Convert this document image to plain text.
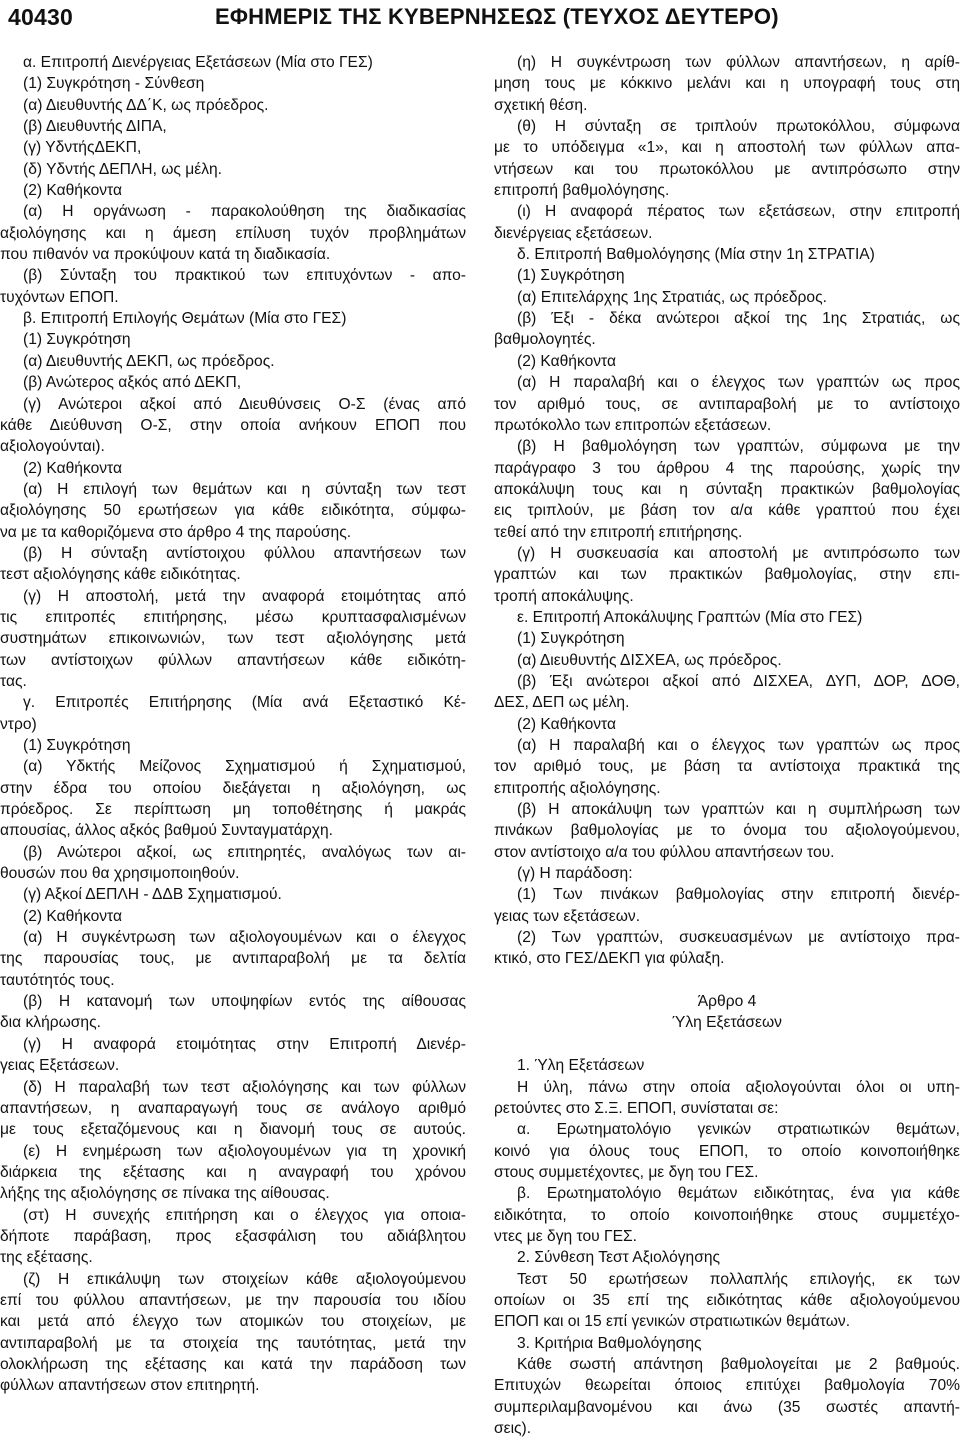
40430	ΕΦΗΜΕΡΙΣ ΤΗΣ ΚΥΒΕΡΝΗΣΕΩΣ (ΤΕΥΧΟΣ ΔΕΥΤΕΡΟ)
α. Επιτροπή Διενέργειας Εξετάσεων (Μία στο ΓΕΣ)
(1) Συγκρότηση - Σύνθεση
(α) Διευθυντής ΔΔ΄Κ, ως πρόεδρος.
(β) Διευθυντής ΔΙΠΑ,
(γ) ΥδντήςΔΕΚΠ,
(δ) Υδντής ΔΕΠΛΗ, ως μέλη.
(2) Καθήκοντα
(α) Η οργάνωση - παρακολούθηση της διαδικασίας
αξιολόγησης και η άμεση επίλυση τυχόν προβλημάτων
που πιθανόν να προκύψουν κατά τη διαδικασία.
(β) Σύνταξη του πρακτικού των επιτυχόντων - απο-
τυχόντων ΕΠΟΠ.
β. Επιτροπή Επιλογής Θεμάτων (Μία στο ΓΕΣ)
(1) Συγκρότηση
(α) Διευθυντής ΔΕΚΠ, ως πρόεδρος.
(β) Ανώτερος αξκός από ΔΕΚΠ,
(γ) Ανώτεροι αξκοί από Διευθύνσεις Ο-Σ (ένας από
κάθε Διεύθυνση Ο-Σ, στην οποία ανήκουν ΕΠΟΠ που
αξιολογούνται).
(2) Καθήκοντα
(α) Η επιλογή των θεμάτων και η σύνταξη των τεστ
αξιολόγησης 50 ερωτήσεων για κάθε ειδικότητα, σύμφω-
να με τα καθοριζόμενα στο άρθρο 4 της παρούσης.
(β) Η σύνταξη αντίστοιχου φύλλου απαντήσεων των
τεστ αξιολόγησης κάθε ειδικότητας.
(γ) Η αποστολή, μετά την αναφορά ετοιμότητας από
τις επιτροπές επιτήρησης, μέσω κρυπτασφαλισμένων
συστημάτων επικοινωνιών, των τεστ αξιολόγησης μετά
των αντίστοιχων φύλλων απαντήσεων κάθε ειδικότη-
τας.
γ. Επιτροπές Επιτήρησης (Μία ανά Εξεταστικό Κέ-
ντρο)
(1) Συγκρότηση
(α) Υδκτής Μείζονος Σχηματισμού ή Σχηματισμού,
στην έδρα του οποίου διεξάγεται η αξιολόγηση, ως
πρόεδρος. Σε περίπτωση μη τοποθέτησης ή μακράς
απουσίας, άλλος αξκός βαθμού Συνταγματάρχη.
(β) Ανώτεροι αξκοί, ως επιτηρητές, αναλόγως των αι-
θουσών που θα χρησιμοποιηθούν.
(γ) Αξκοί ΔΕΠΛΗ - ΔΔΒ Σχηματισμού.
(2) Καθήκοντα
(α) Η συγκέντρωση των αξιολογουμένων και ο έλεγχος
της παρουσίας τους, με αντιπαραβολή με τα δελτία
ταυτότητός τους.
(β) Η κατανομή των υποψηφίων εντός της αίθουσας
δια κλήρωσης.
(γ) Η αναφορά ετοιμότητας στην Επιτροπή Διενέρ-
γειας Εξετάσεων.
(δ) Η παραλαβή των τεστ αξιολόγησης και των φύλλων
απαντήσεων, η αναπαραγωγή τους σε ανάλογο αριθμό
με τους εξεταζόμενους και η διανομή τους σε αυτούς.
(ε) Η ενημέρωση των αξιολογουμένων για τη χρονική
διάρκεια της εξέτασης και η αναγραφή του χρόνου
λήξης της αξιολόγησης σε πίνακα της αίθουσας.
(στ) Η συνεχής επιτήρηση και ο έλεγχος για οποια-
δήποτε παράβαση, προς εξασφάλιση του αδιάβλητου
της εξέτασης.
(ζ) Η επικάλυψη των στοιχείων κάθε αξιολογούμενου
επί του φύλλου απαντήσεων, με την παρουσία του ιδίου
και μετά από έλεγχο των ατομικών του στοιχείων, με
αντιπαραβολή με τα στοιχεία της ταυτότητας, μετά την
ολοκλήρωση της εξέτασης και κατά την παράδοση των
φύλλων απαντήσεων στον επιτηρητή.
(η) Η συγκέντρωση των φύλλων απαντήσεων, η αρίθ-
μηση τους με κόκκινο μελάνι και η υπογραφή τους στη
σχετική θέση.
(θ) Η σύνταξη σε τριπλούν πρωτοκόλλου, σύμφωνα
με το υπόδειγμα «1», και η αποστολή των φύλλων απα-
ντήσεων και του πρωτοκόλλου με αντιπρόσωπο στην
επιτροπή βαθμολόγησης.
(ι) Η αναφορά πέρατος των εξετάσεων, στην επιτροπή
διενέργειας εξετάσεων.
δ. Επιτροπή Βαθμολόγησης (Μία στην 1η ΣΤΡΑΤΙΑ)
(1) Συγκρότηση
(α) Επιτελάρχης 1ης Στρατιάς, ως πρόεδρος.
(β) Έξι - δέκα ανώτεροι αξκοί της 1ης Στρατιάς, ως
βαθμολογητές.
(2) Καθήκοντα
(α) Η παραλαβή και ο έλεγχος των γραπτών ως προς
τον αριθμό τους, σε αντιπαραβολή με το αντίστοιχο
πρωτόκολλο των επιτροπών εξετάσεων.
(β) Η βαθμολόγηση των γραπτών, σύμφωνα με την
παράγραφο 3 του άρθρου 4 της παρούσης, χωρίς την
αποκάλυψη τους και η σύνταξη πρακτικών βαθμολογίας
εις τριπλούν, με βάση τον α/α κάθε γραπτού που έχει
τεθεί από την επιτροπή επιτήρησης.
(γ) Η συσκευασία και αποστολή με αντιπρόσωπο των
γραπτών και των πρακτικών βαθμολογίας, στην επι-
τροπή αποκάλυψης.
ε. Επιτροπή Αποκάλυψης Γραπτών (Μία στο ΓΕΣ)
(1) Συγκρότηση
(α) Διευθυντής ΔΙΣΧΕΑ, ως πρόεδρος.
(β) Έξι ανώτεροι αξκοί από ΔΙΣΧΕΑ, ΔΥΠ, ΔΟΡ, ΔΟΘ,
ΔΕΣ, ΔΕΠ ως μέλη.
(2) Καθήκοντα
(α) Η παραλαβή και ο έλεγχος των γραπτών ως προς
τον αριθμό τους, με βάση τα αντίστοιχα πρακτικά της
επιτροπής αξιολόγησης.
(β) Η αποκάλυψη των γραπτών και η συμπλήρωση των
πινάκων βαθμολογίας με το όνομα του αξιολογούμενου,
στον αντίστοιχο α/α του φύλλου απαντήσεων του.
(γ) Η παράδοση:
(1) Των πινάκων βαθμολογίας στην επιτροπή διενέρ-
γειας των εξετάσεων.
(2) Των γραπτών, συσκευασμένων με αντίστοιχο πρα-
κτικό, στο ΓΕΣ/ΔΕΚΠ για φύλαξη.
Άρθρο 4
Ύλη Εξετάσεων
1. Ύλη Εξετάσεων
Η ύλη, πάνω στην οποία αξιολογούνται όλοι οι υπη-
ρετούντες στο Σ.Ξ. ΕΠΟΠ, συνίσταται σε:
α. Ερωτηματολόγιο γενικών στρατιωτικών θεμάτων,
κοινό για όλους τους ΕΠΟΠ, το οποίο κοινοποιήθηκε
στους συμμετέχοντες, με δγη του ΓΕΣ.
β. Ερωτηματολόγιο θεμάτων ειδικότητας, ένα για κάθε
ειδικότητα, το οποίο κοινοποιήθηκε στους συμμετέχο-
ντες με δγη του ΓΕΣ.
2. Σύνθεση Τεστ Αξιολόγησης
Τεστ 50 ερωτήσεων πολλαπλής επιλογής, εκ των
οποίων οι 35 επί της ειδικότητας κάθε αξιολογούμενου
ΕΠΟΠ και οι 15 επί γενικών στρατιωτικών θεμάτων.
3. Κριτήρια Βαθμολόγησης
Κάθε σωστή απάντηση βαθμολογείται με 2 βαθμούς.
Επιτυχών θεωρείται όποιος επιτύχει βαθμολογία 70%
συμπεριλαμβανομένου και άνω (35 σωστές απαντή-
σεις).
